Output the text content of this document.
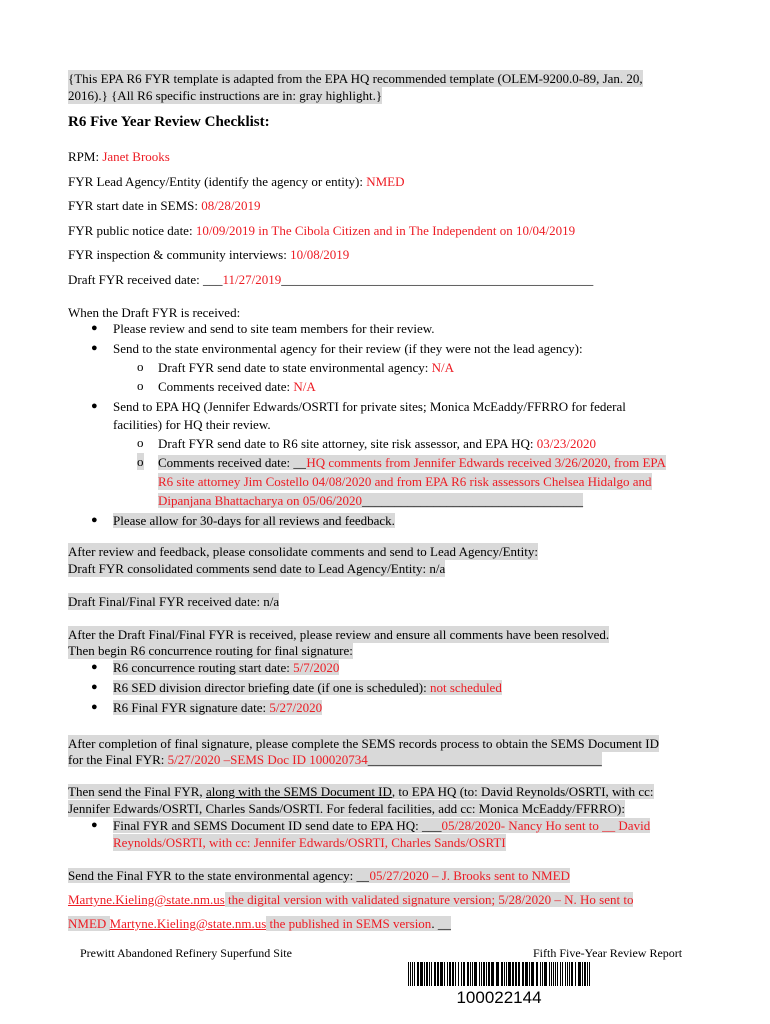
{This EPA R6 FYR template is adapted from the EPA HQ recommended template (OLEM-9200.0-89, Jan. 20,
2016).} {All R6 specific instructions are in: gray highlight.}
R6 Five Year Review Checklist:
RPM: Janet Brooks
FYR Lead Agency/Entity (identify the agency or entity): NMED
FYR start date in SEMS: 08/28/2019
FYR public notice date: 10/09/2019 in The Cibola Citizen and in The Independent on 10/04/2019
FYR inspection & community interviews: 10/08/2019
Draft FYR received date: ___11/27/2019________________________________________________
When the Draft FYR is received:
● Please review and send to site team members for their review.
● Send to the state environmental agency for their review (if they were not the lead agency):
o Draft FYR send date to state environmental agency: N/A
o Comments received date: N/A
● Send to EPA HQ (Jennifer Edwards/OSRTI for private sites; Monica McEaddy/FFRRO for federal
facilities) for HQ their review.
o Draft FYR send date to R6 site attorney, site risk assessor, and EPA HQ: 03/23/2020
o Comments received date: __HQ comments from Jennifer Edwards received 3/26/2020, from EPA
R6 site attorney Jim Costello 04/08/2020 and from EPA R6 risk assessors Chelsea Hidalgo and
Dipanjana Bhattacharya on 05/06/2020__________________________________
● Please allow for 30-days for all reviews and feedback.
After review and feedback, please consolidate comments and send to Lead Agency/Entity:
Draft FYR consolidated comments send date to Lead Agency/Entity: n/a
Draft Final/Final FYR received date: n/a
After the Draft Final/Final FYR is received, please review and ensure all comments have been resolved.
Then begin R6 concurrence routing for final signature:
● R6 concurrence routing start date: 5/7/2020
● R6 SED division director briefing date (if one is scheduled): not scheduled
● R6 Final FYR signature date: 5/27/2020
After completion of final signature, please complete the SEMS records process to obtain the SEMS Document ID
for the Final FYR: 5/27/2020 –SEMS Doc ID 100020734____________________________________
Then send the Final FYR, along with the SEMS Document ID, to EPA HQ (to: David Reynolds/OSRTI, with cc:
Jennifer Edwards/OSRTI, Charles Sands/OSRTI. For federal facilities, add cc: Monica McEaddy/FFRRO):
● Final FYR and SEMS Document ID send date to EPA HQ: ___05/28/2020- Nancy Ho sent to __ David
Reynolds/OSRTI, with cc: Jennifer Edwards/OSRTI, Charles Sands/OSRTI
Send the Final FYR to the state environmental agency: __05/27/2020 – J. Brooks sent to NMED
Martyne.Kieling@state.nm.us the digital version with validated signature version; 5/28/2020 – N. Ho sent to
NMED Martyne.Kieling@state.nm.us the published in SEMS version. __
Prewitt Abandoned Refinery Superfund Site	Fifth Five-Year Review Report
100022144
